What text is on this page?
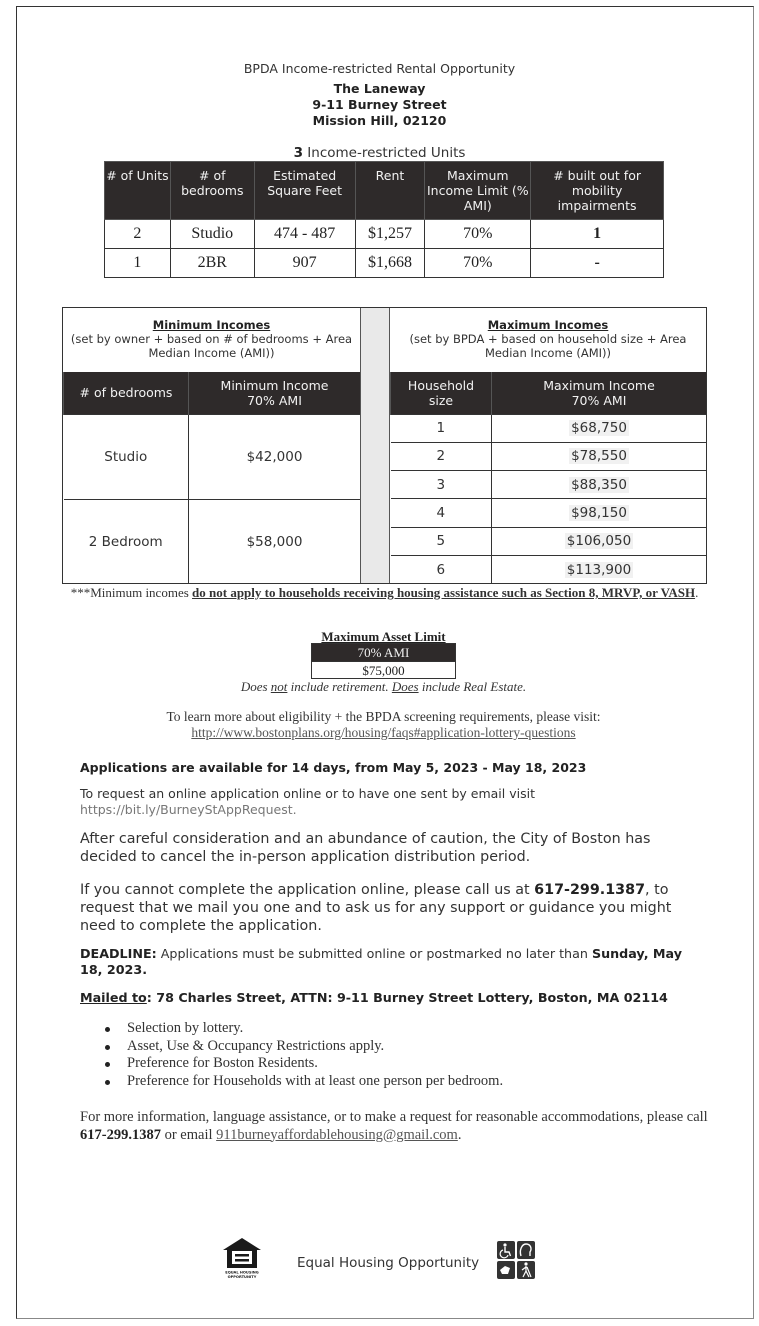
BPDA Income-restricted Rental Opportunity
The Laneway
9-11 Burney Street
Mission Hill, 02120
3 Income-restricted Units
# of Units	# of bedrooms	Estimated Square Feet	Rent	Maximum Income Limit (% AMI)	# built out for mobility impairments
2	Studio	474 - 487	$1,257	70%	1
1	2BR	907	$1,668	70%	-
Minimum Incomes
(set by owner + based on # of bedrooms + Area Median Income (AMI))
# of bedrooms	Minimum Income
70% AMI

Studio	$42,000
2 Bedroom	$58,000
Maximum Incomes
(set by BPDA + based on household size + Area Median Income (AMI))
Household
size

Maximum Income
70% AMI

1	$68,750
2	$78,550
3	$88,350
4	$98,150
5	$106,050
6	$113,900
***Minimum incomes do not apply to households receiving housing assistance such as Section 8, MRVP, or VASH.
Maximum Asset Limit
70% AMI
$75,000
Does not include retirement. Does include Real Estate.
To learn more about eligibility + the BPDA screening requirements, please visit:
http://www.bostonplans.org/housing/faqs#application-lottery-questions
Applications are available for 14 days, from May 5, 2023 - May 18, 2023
To request an online application online or to have one sent by email visit
https://bit.ly/BurneyStAppRequest.
After careful consideration and an abundance of caution, the City of Boston has decided to cancel the in-person application distribution period.
If you cannot complete the application online, please call us at 617-299.1387, to request that we mail you one and to ask us for any support or guidance you might need to complete the application.
DEADLINE: Applications must be submitted online or postmarked no later than Sunday, May 18, 2023.
Mailed to: 78 Charles Street, ATTN: 9-11 Burney Street Lottery, Boston, MA 02114
Selection by lottery.
Asset, Use & Occupancy Restrictions apply.
Preference for Boston Residents.
Preference for Households with at least one person per bedroom.
For more information, language assistance, or to make a request for reasonable accommodations, please call 617-299.1387 or email 911burneyaffordablehousing@gmail.com.
EQUAL HOUSING
OPPORTUNITY
Equal Housing Opportunity
